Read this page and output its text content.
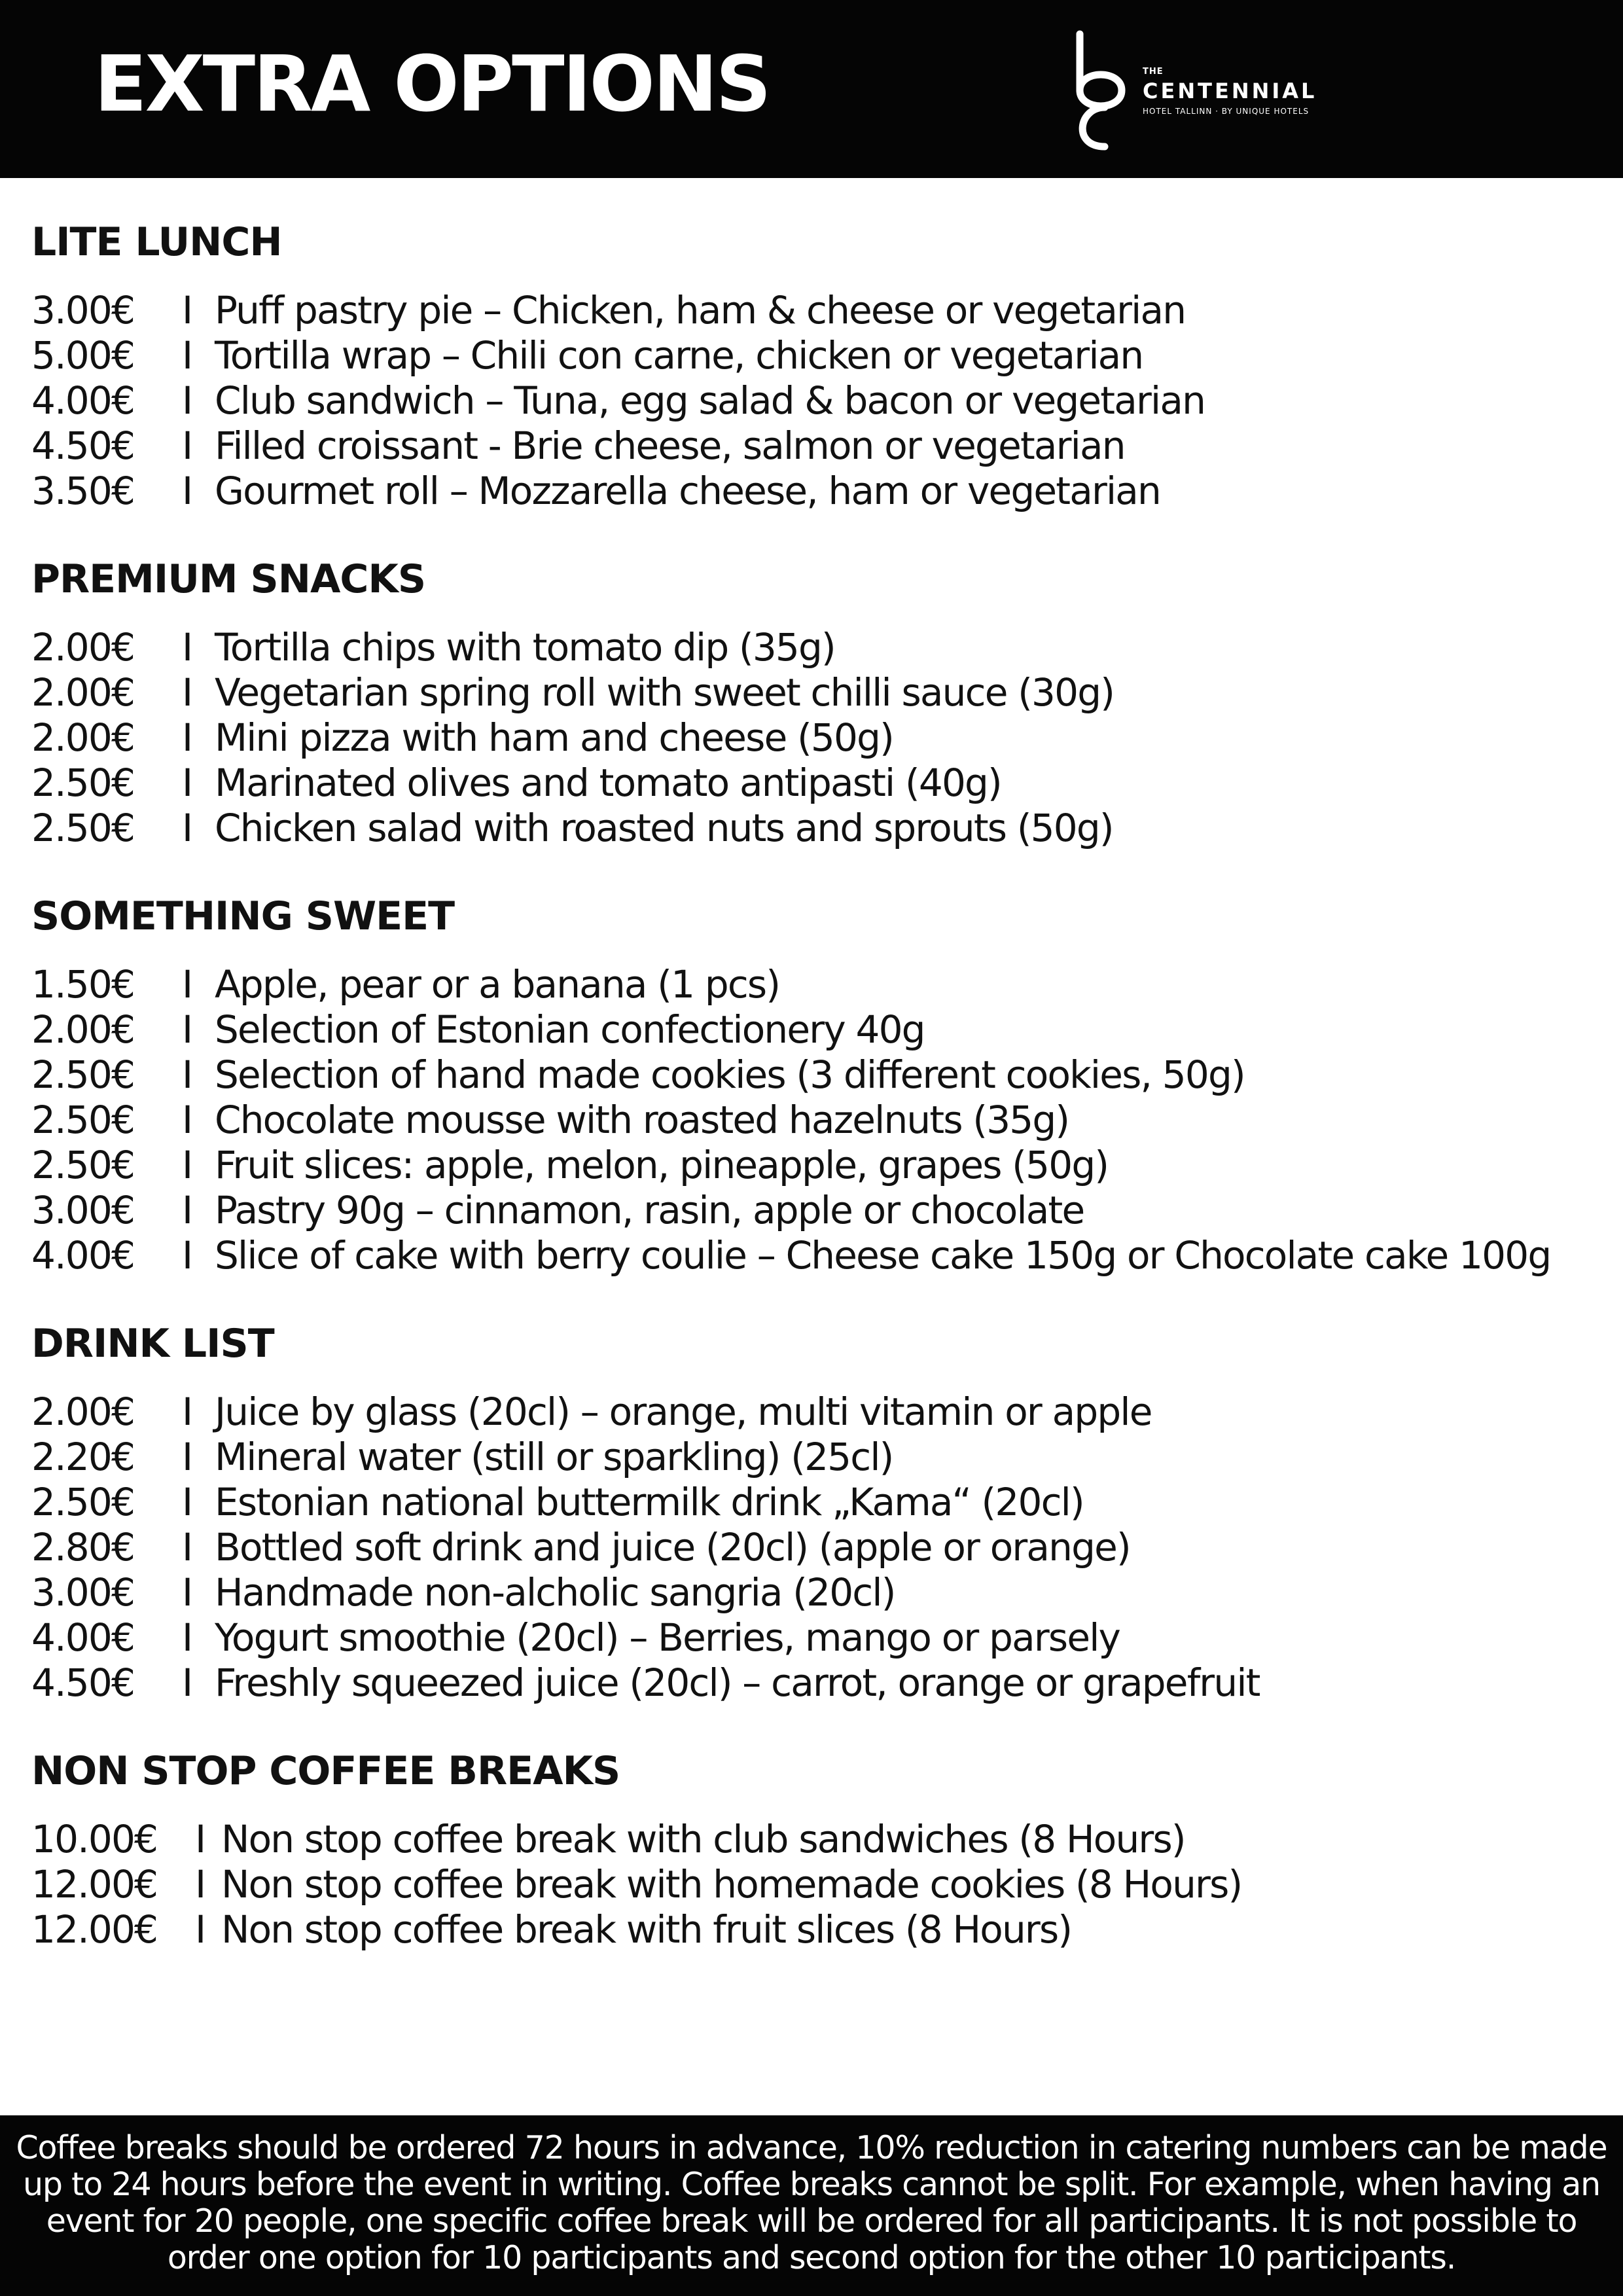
EXTRA OPTIONS	THE
CENTENNIAL
HOTEL TALLINN · BY UNIQUE HOTELS
LITE LUNCH
3.00€	I Puff pastry pie – Chicken, ham & cheese or vegetarian
5.00€	I Tortilla wrap – Chili con carne, chicken or vegetarian
4.00€	I Club sandwich – Tuna, egg salad & bacon or vegetarian
4.50€	I Filled croissant - Brie cheese, salmon or vegetarian
3.50€	I Gourmet roll – Mozzarella cheese, ham or vegetarian
PREMIUM SNACKS
2.00€	I Tortilla chips with tomato dip (35g)
2.00€	I Vegetarian spring roll with sweet chilli sauce (30g)
2.00€	I Mini pizza with ham and cheese (50g)
2.50€	I Marinated olives and tomato antipasti (40g)
2.50€	I Chicken salad with roasted nuts and sprouts (50g)
SOMETHING SWEET
1.50€	I Apple, pear or a banana (1 pcs)
2.00€	I Selection of Estonian confectionery 40g
2.50€	I Selection of hand made cookies (3 different cookies, 50g)
2.50€	I Chocolate mousse with roasted hazelnuts (35g)
2.50€	I Fruit slices: apple, melon, pineapple, grapes (50g)
3.00€	I Pastry 90g – cinnamon, rasin, apple or chocolate
4.00€ I Slice of cake with berry coulie – Cheese cake 150g or Chocolate cake 100g
DRINK LIST
2.00€	I Juice by glass (20cl) – orange, multi vitamin or apple
2.20€	I Mineral water (still or sparkling) (25cl)
2.50€	I Estonian national buttermilk drink „Kama“ (20cl)
2.80€	I Bottled soft drink and juice (20cl) (apple or orange)
3.00€	I Handmade non-alcholic sangria (20cl)
4.00€	I Yogurt smoothie (20cl) – Berries, mango or parsely
4.50€	I Freshly squeezed juice (20cl) – carrot, orange or grapefruit
NON STOP COFFEE BREAKS
10.00€ I Non stop coffee break with club sandwiches (8 Hours)
12.00€ I Non stop coffee break with homemade cookies (8 Hours)
12.00€ I Non stop coffee break with fruit slices (8 Hours)
Coffee breaks should be ordered 72 hours in advance, 10% reduction in catering numbers can be made up to 24 hours before the event in writing. Coffee breaks cannot be split. For example, when having an event for 20 people, one specific coffee break will be ordered for all participants. It is not possible to order one option for 10 participants and second option for the other 10 participants.
